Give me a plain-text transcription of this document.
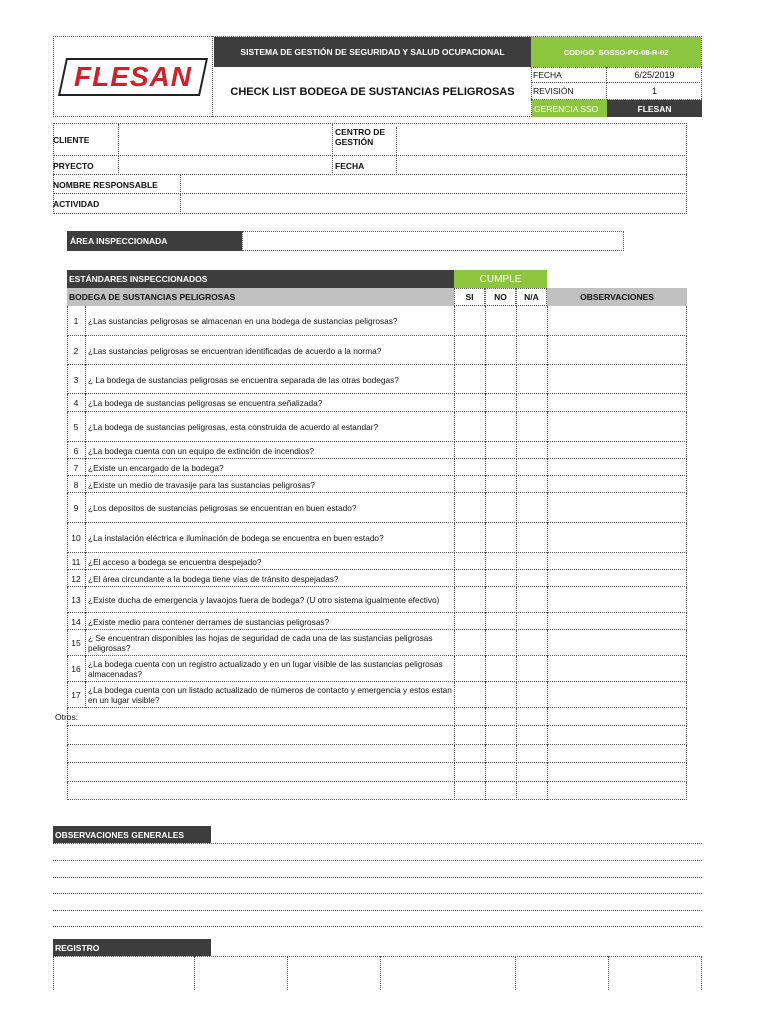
FLESAN
SISTEMA DE GESTIÓN DE SEGURIDAD Y SALUD OCUPACIONAL	CODIGO: SGSSO-PG-08-R-02
CHECK LIST BODEGA DE SUSTANCIAS PELIGROSAS
FECHA	6/25/2019
REVISIÓN	1
GERENCIA SSO	FLESAN
CLIENTE
CENTRO DE GESTIÓN
PRYECTO	FECHA
NOMBRE RESPONSABLE
ACTIVIDAD
ÁREA INSPECCIONADA
ESTÁNDARES INSPECCIONADOS	CUMPLE
BODEGA DE SUSTANCIAS PELIGROSAS	SI	NO	N/A	OBSERVACIONES
1	¿Las sustancias peligrosas se almacenan en una bodega de sustancias peligrosas?
2	¿Las sustancias peligrosas se encuentran identificadas de acuerdo a la norma?
3	¿ La bodega de sustancias peligrosas se encuentra separada de las otras bodegas?
4	¿La bodega de sustancias peligrosas se encuentra señalizada?
5	¿La bodega de sustancias peligrosas, esta construida de acuerdo al estandar?
6	¿La bodega cuenta con un equipo de extinción de incendios?
7	¿Existe un encargado de la bodega?
8	¿Existe un medio de travasije para las sustancias peligrosas?
9	¿Los depositos de sustancias peligrosas se encuentran en buen estado?
10 ¿La instalación eléctrica e iluminación de bodega se encuentra en buen estado?
11 ¿El acceso a bodega se encuentra despejado?
12 ¿El área circundante a la bodega tiene vías de tránsito despejadas?
13 ¿Existe ducha de emergencia y lavaojos fuera de bodega? (U otro sistema igualmente efectivo)
14 ¿Existe medio para contener derrames de sustancias peligrosas?
15 ¿ Se encuentran disponibles las hojas de seguridad de cada una de las sustancias peligrosas peligrosas?
16 ¿La bodega cuenta con un registro actualizado y en un lugar visible de las sustancias peligrosas almacenadas?
17 ¿La bodega cuenta con un listado actualizado de números de contacto y emergencia y estos estan en un lugar visible?
Otros:
OBSERVACIONES GENERALES
REGISTRO
